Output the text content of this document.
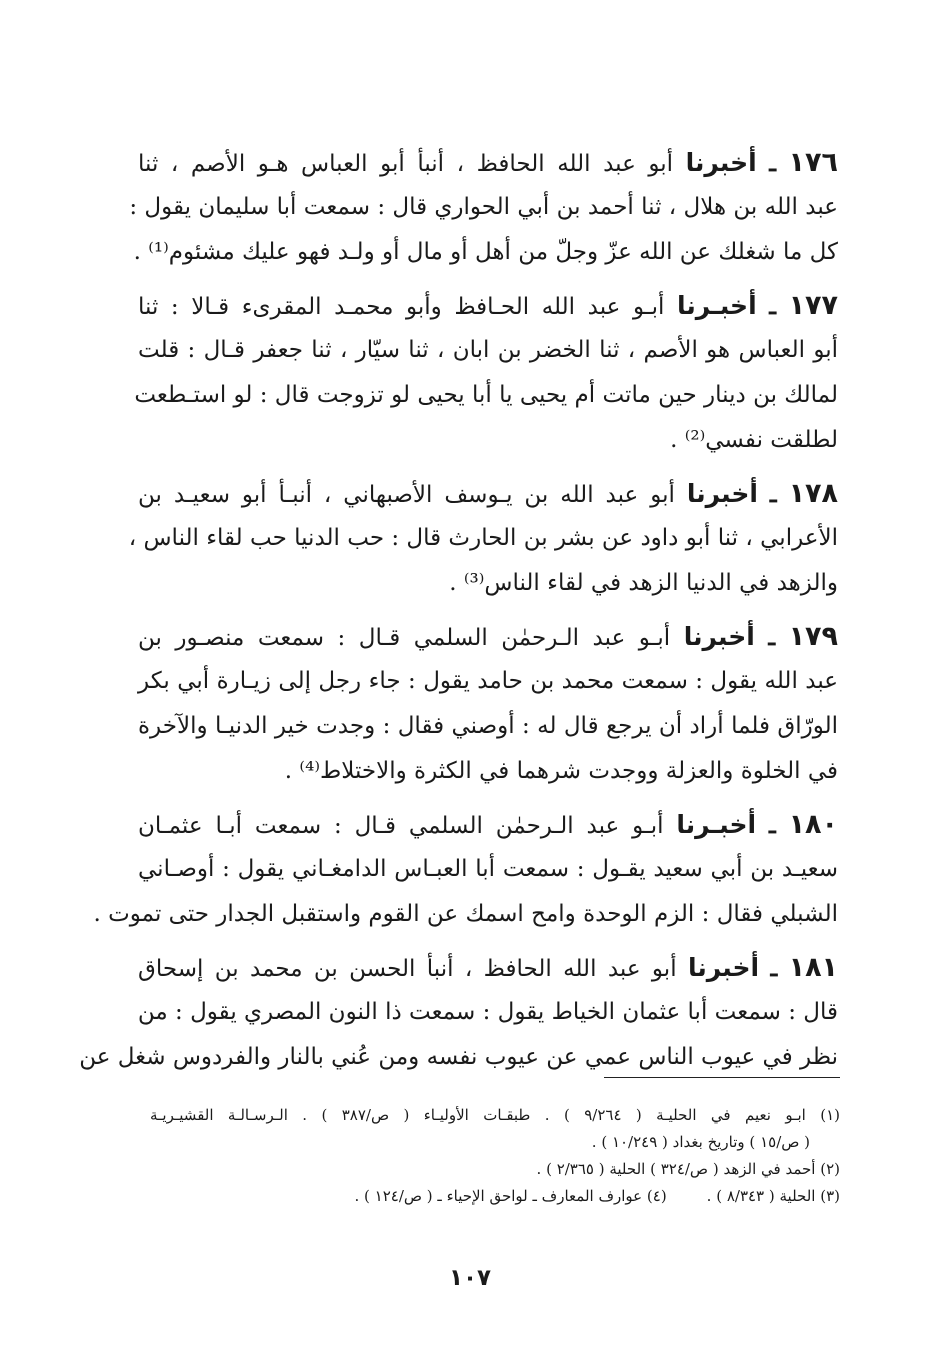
١٧٦ ـ أخبرنا أبو عبد الله الحافظ ، أنبأ أبو العباس هـو الأصم ، ثنا
عبد الله بن هلال ، ثنا أحمد بن أبي الحواري قال : سمعت أبا سليمان يقول :
كل ما شغلك عن الله عزّ وجلّ من أهل أو مال أو ولـد فهو عليك مشئوم⁽¹⁾ .
١٧٧ ـ أخبـرنا أبـو عبد الله الحـافظ وأبو محمـد المقرىء قـالا : ثنا
أبو العباس هو الأصم ، ثنا الخضر بن ابان ، ثنا سيّار ، ثنا جعفر قـال : قلت
لمالك بن دينار حين ماتت أم يحيى يا أبا يحيى لو تزوجت قال : لو استـطعت
لطلقت نفسي⁽²⁾ .
١٧٨ ـ أخبرنا أبو عبد الله بن يـوسف الأصبهاني ، أنبـأ أبو سعيـد بن
الأعرابي ، ثنا أبو داود عن بشر بن الحارث قال : حب الدنيا حب لقاء الناس ،
والزهد في الدنيا الزهد في لقاء الناس⁽³⁾ .
١٧٩ ـ أخبرنا أبـو عبد الـرحمٰن السلمي قـال : سمعت منصـور بن
عبد الله يقول : سمعت محمد بن حامد يقول : جاء رجل إلى زيـارة أبي بكر
الورّاق فلما أراد أن يرجع قال له : أوصني فقال : وجدت خير الدنيـا والآخرة
في الخلوة والعزلة ووجدت شرهما في الكثرة والاختلاط⁽⁴⁾ .
١٨٠ ـ أخبـرنا أبـو عبد الـرحمٰن السلمي قـال : سمعت أبـا عثمـان
سعيـد بن أبي سعيد يقـول : سمعت أبا العبـاس الدامغـاني يقول : أوصـاني
الشبلي فقال : الزم الوحدة وامح اسمك عن القوم واستقبل الجدار حتى تموت .
١٨١ ـ أخبرنا أبو عبد الله الحافظ ، أنبأ الحسن بن محمد بن إسحاق
قال : سمعت أبا عثمان الخياط يقول : سمعت ذا النون المصري يقول : من
نظر في عيوب الناس عمي عن عيوب نفسه ومن عُني بالنار والفردوس شغل عن
(١) ابـو نعيم في الحليـة ( ٩/٢٦٤ ) . طبقـات الأوليـاء ( ص/٣٨٧ ) . الـرسـالـة القشيـريـة
( ص/١٥ ) وتاريخ بغداد ( ١٠/٢٤٩ ) .
(٢) أحمد في الزهد ( ص/٣٢٤ ) الحلية ( ٢/٣٦٥ ) .
(٣) الحلية ( ٨/٣٤٣ ) .(٤) عوارف المعارف ـ لواحق الإحياء ـ ( ص/١٢٤ ) .
١٠٧
